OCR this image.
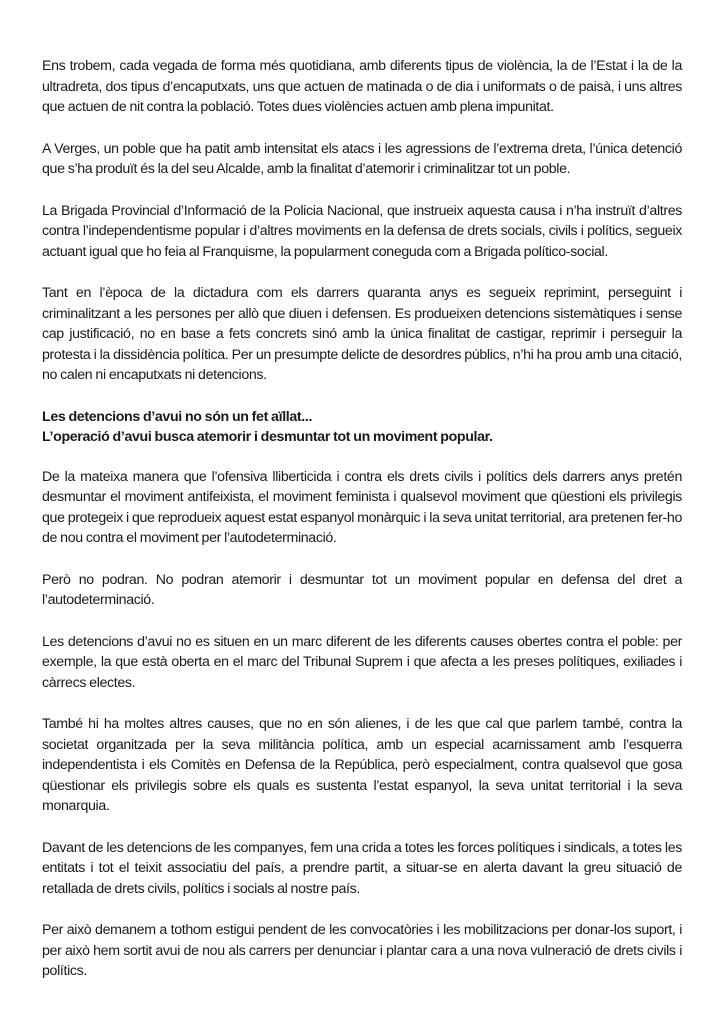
Ens trobem, cada vegada de forma més quotidiana, amb diferents tipus de violència, la de l’Estat i la de la ultradreta, dos tipus d’encaputxats, uns que actuen de matinada o de dia i uniformats o de paisà, i uns altres que actuen de nit contra la població. Totes dues violències actuen amb plena impunitat.

A Verges, un poble que ha patit amb intensitat els atacs i les agressions de l’extrema dreta, l’única detenció que s’ha produït és la del seu Alcalde, amb la finalitat d’atemorir i criminalitzar tot un poble.

La Brigada Provincial d’Informació de la Policia Nacional, que instrueix aquesta causa i n’ha instruït d’altres contra l’independentisme popular i d’altres moviments en la defensa de drets socials, civils i polítics, segueix actuant igual que ho feia al Franquisme, la popularment coneguda com a Brigada político-social.

Tant en l’època de la dictadura com els darrers quaranta anys es segueix reprimint, perseguint i criminalitzant a les persones per allò que diuen i defensen. Es produeixen detencions sistemàtiques i sense cap justificació, no en base a fets concrets sinó amb la única finalitat de castigar, reprimir i perseguir la protesta i la dissidència política. Per un presumpte delicte de desordres públics, n’hi ha prou amb una citació, no calen ni encaputxats ni detencions.

Les detencions d’avui no són un fet aïllat...
L’operació d’avui busca atemorir i desmuntar tot un moviment popular.

De la mateixa manera que l’ofensiva lliberticida i contra els drets civils i polítics dels darrers anys pretén desmuntar el moviment antifeixista, el moviment feminista i qualsevol moviment que qüestioni els privilegis que protegeix i que reprodueix aquest estat espanyol monàrquic i la seva unitat territorial, ara pretenen fer-ho de nou contra el moviment per l’autodeterminació.

Però no podran. No podran atemorir i desmuntar tot un moviment popular en defensa del dret a l’autodeterminació.

Les detencions d’avui no es situen en un marc diferent de les diferents causes obertes contra el poble: per exemple, la que està oberta en el marc del Tribunal Suprem i que afecta a les preses polítiques, exiliades i càrrecs electes.

També hi ha moltes altres causes, que no en són alienes, i de les que cal que parlem també, contra la societat organitzada per la seva militància política, amb un especial acarnissament amb l’esquerra independentista i els Comitès en Defensa de la República, però especialment, contra qualsevol que gosa qüestionar els privilegis sobre els quals es sustenta l’estat espanyol, la seva unitat territorial i la seva monarquia.

Davant de les detencions de les companyes, fem una crida a totes les forces polítiques i sindicals, a totes les entitats i tot el teixit associatiu del país, a prendre partit, a situar-se en alerta davant la greu situació de retallada de drets civils, polítics i socials al nostre país.

Per això demanem a tothom estigui pendent de les convocatòries i les mobilitzacions per donar-los suport, i per això hem sortit avui de nou als carrers per denunciar i plantar cara a una nova vulneració de drets civils i polítics.
